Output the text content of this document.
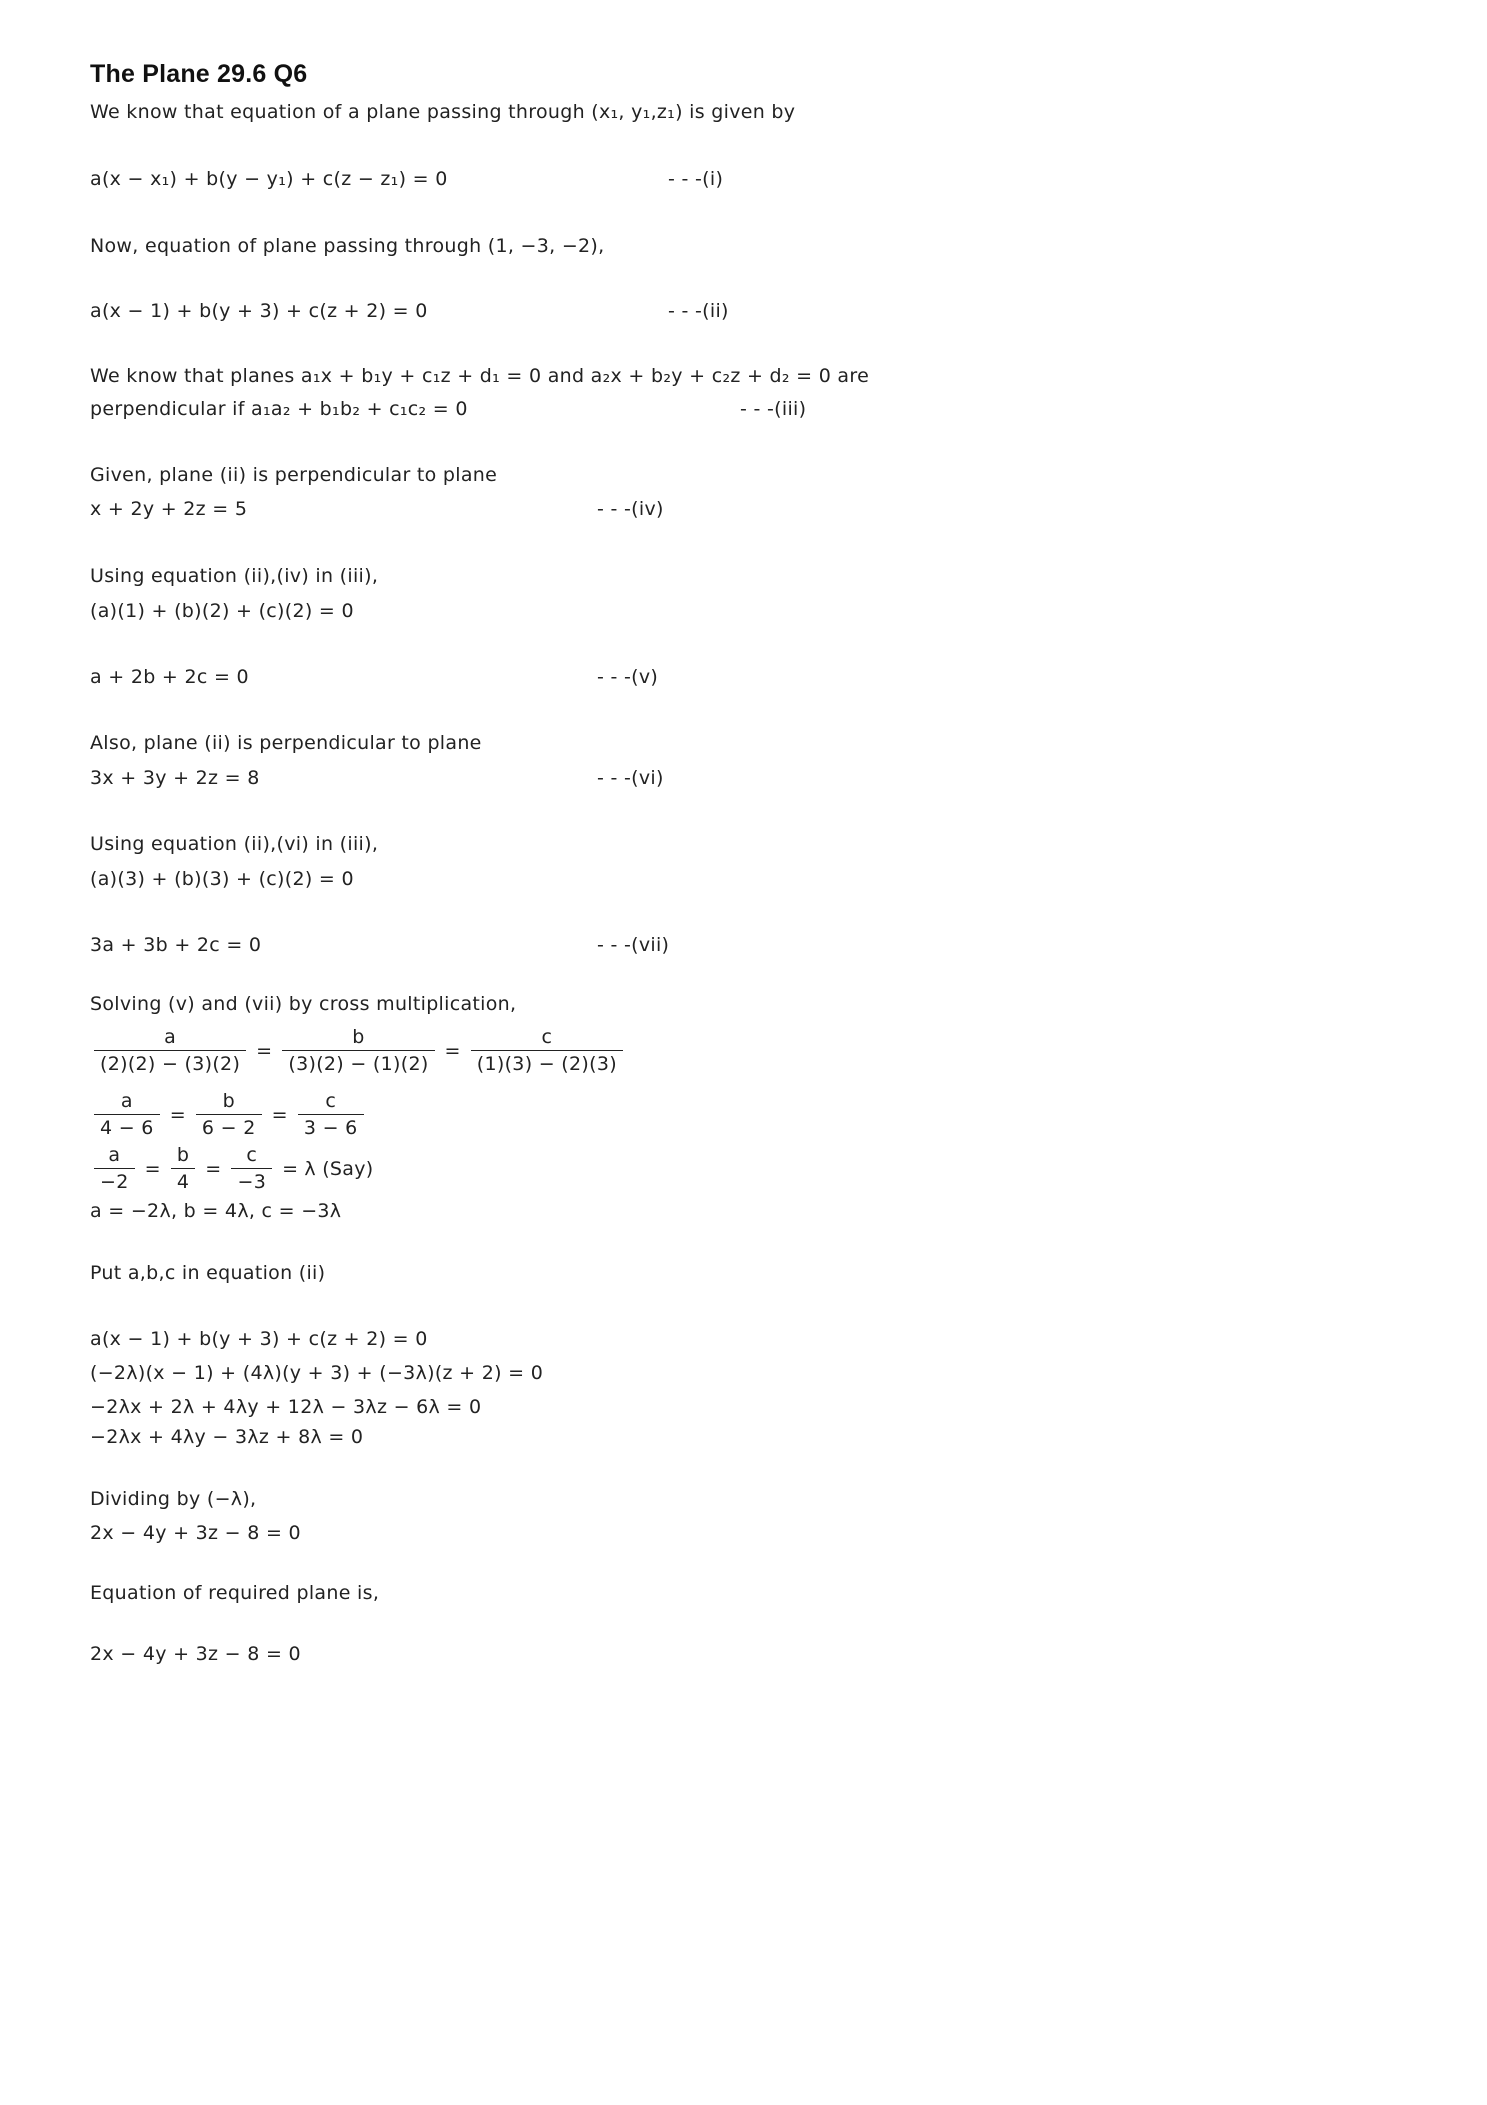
The Plane 29.6 Q6
We know that equation of a plane passing through (x₁, y₁,z₁) is given by
a(x − x₁) + b(y − y₁) + c(z − z₁) = 0	- - -(i)
Now, equation of plane passing through (1, −3, −2),
a(x − 1) + b(y + 3) + c(z + 2) = 0	- - -(ii)
We know that planes a₁x + b₁y + c₁z + d₁ = 0 and a₂x + b₂y + c₂z + d₂ = 0 are
perpendicular if a₁a₂ + b₁b₂ + c₁c₂ = 0	- - -(iii)
Given, plane (ii) is perpendicular to plane
x + 2y + 2z = 5	- - -(iv)
Using equation (ii),(iv) in (iii),
(a)(1) + (b)(2) + (c)(2) = 0
a + 2b + 2c = 0	- - -(v)
Also, plane (ii) is perpendicular to plane
3x + 3y + 2z = 8	- - -(vi)
Using equation (ii),(vi) in (iii),
(a)(3) + (b)(3) + (c)(2) = 0
3a + 3b + 2c = 0	- - -(vii)
Solving (v) and (vii) by cross multiplication,
$\frac{a}{(2)(2) - (3)(2)} = \frac{b}{(3)(2) - (1)(2)} = \frac{c}{(1)(3) - (2)(3)}$
$\frac{a}{4 - 6} = \frac{b}{6 - 2} = \frac{c}{3 - 6}$
$\frac{a}{-2} = \frac{b}{4} = \frac{c}{-3} = \lambda$ (Say)
a = −2λ, b = 4λ, c = −3λ
Put a,b,c in equation (ii)
a(x − 1) + b(y + 3) + c(z + 2) = 0
(−2λ)(x − 1) + (4λ)(y + 3) + (−3λ)(z + 2) = 0
−2λx + 2λ + 4λy + 12λ − 3λz − 6λ = 0
−2λx + 4λy − 3λz + 8λ = 0
Dividing by (−λ),
2x − 4y + 3z − 8 = 0
Equation of required plane is,
2x − 4y + 3z − 8 = 0
